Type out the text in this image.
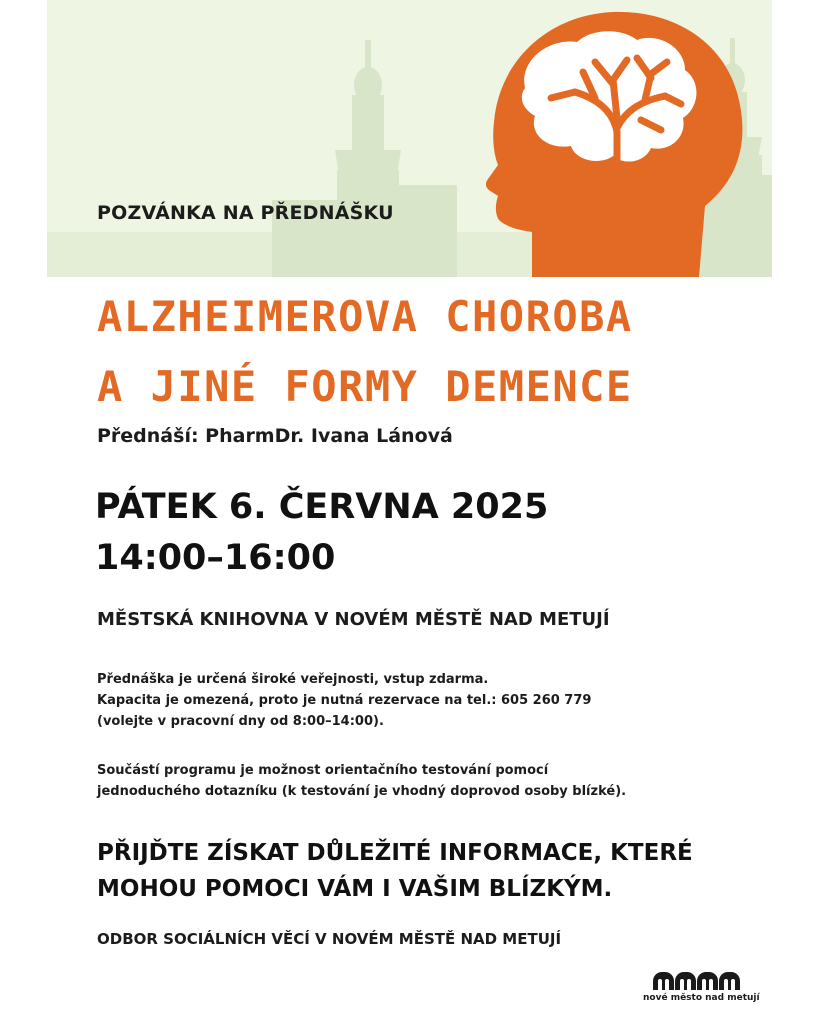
POZVÁNKA NA PŘEDNÁŠKU
ALZHEIMEROVA CHOROBA
A JINÉ FORMY DEMENCE
Přednáší: PharmDr. Ivana Lánová
PÁTEK 6. ČERVNA 2025
14:00–16:00
MĚSTSKÁ KNIHOVNA V NOVÉM MĚSTĚ NAD METUJÍ
Přednáška je určená široké veřejnosti, vstup zdarma.
Kapacita je omezená, proto je nutná rezervace na tel.: 605 260 779
(volejte v pracovní dny od 8:00–14:00).
Součástí programu je možnost orientačního testování pomocí
jednoduchého dotazníku (k testování je vhodný doprovod osoby blízké).
PŘIJĎTE ZÍSKAT DŮLEŽITÉ INFORMACE, KTERÉ
MOHOU POMOCI VÁM I VAŠIM BLÍZKÝM.
ODBOR SOCIÁLNÍCH VĚCÍ V NOVÉM MĚSTĚ NAD METUJÍ
nové město nad metují
